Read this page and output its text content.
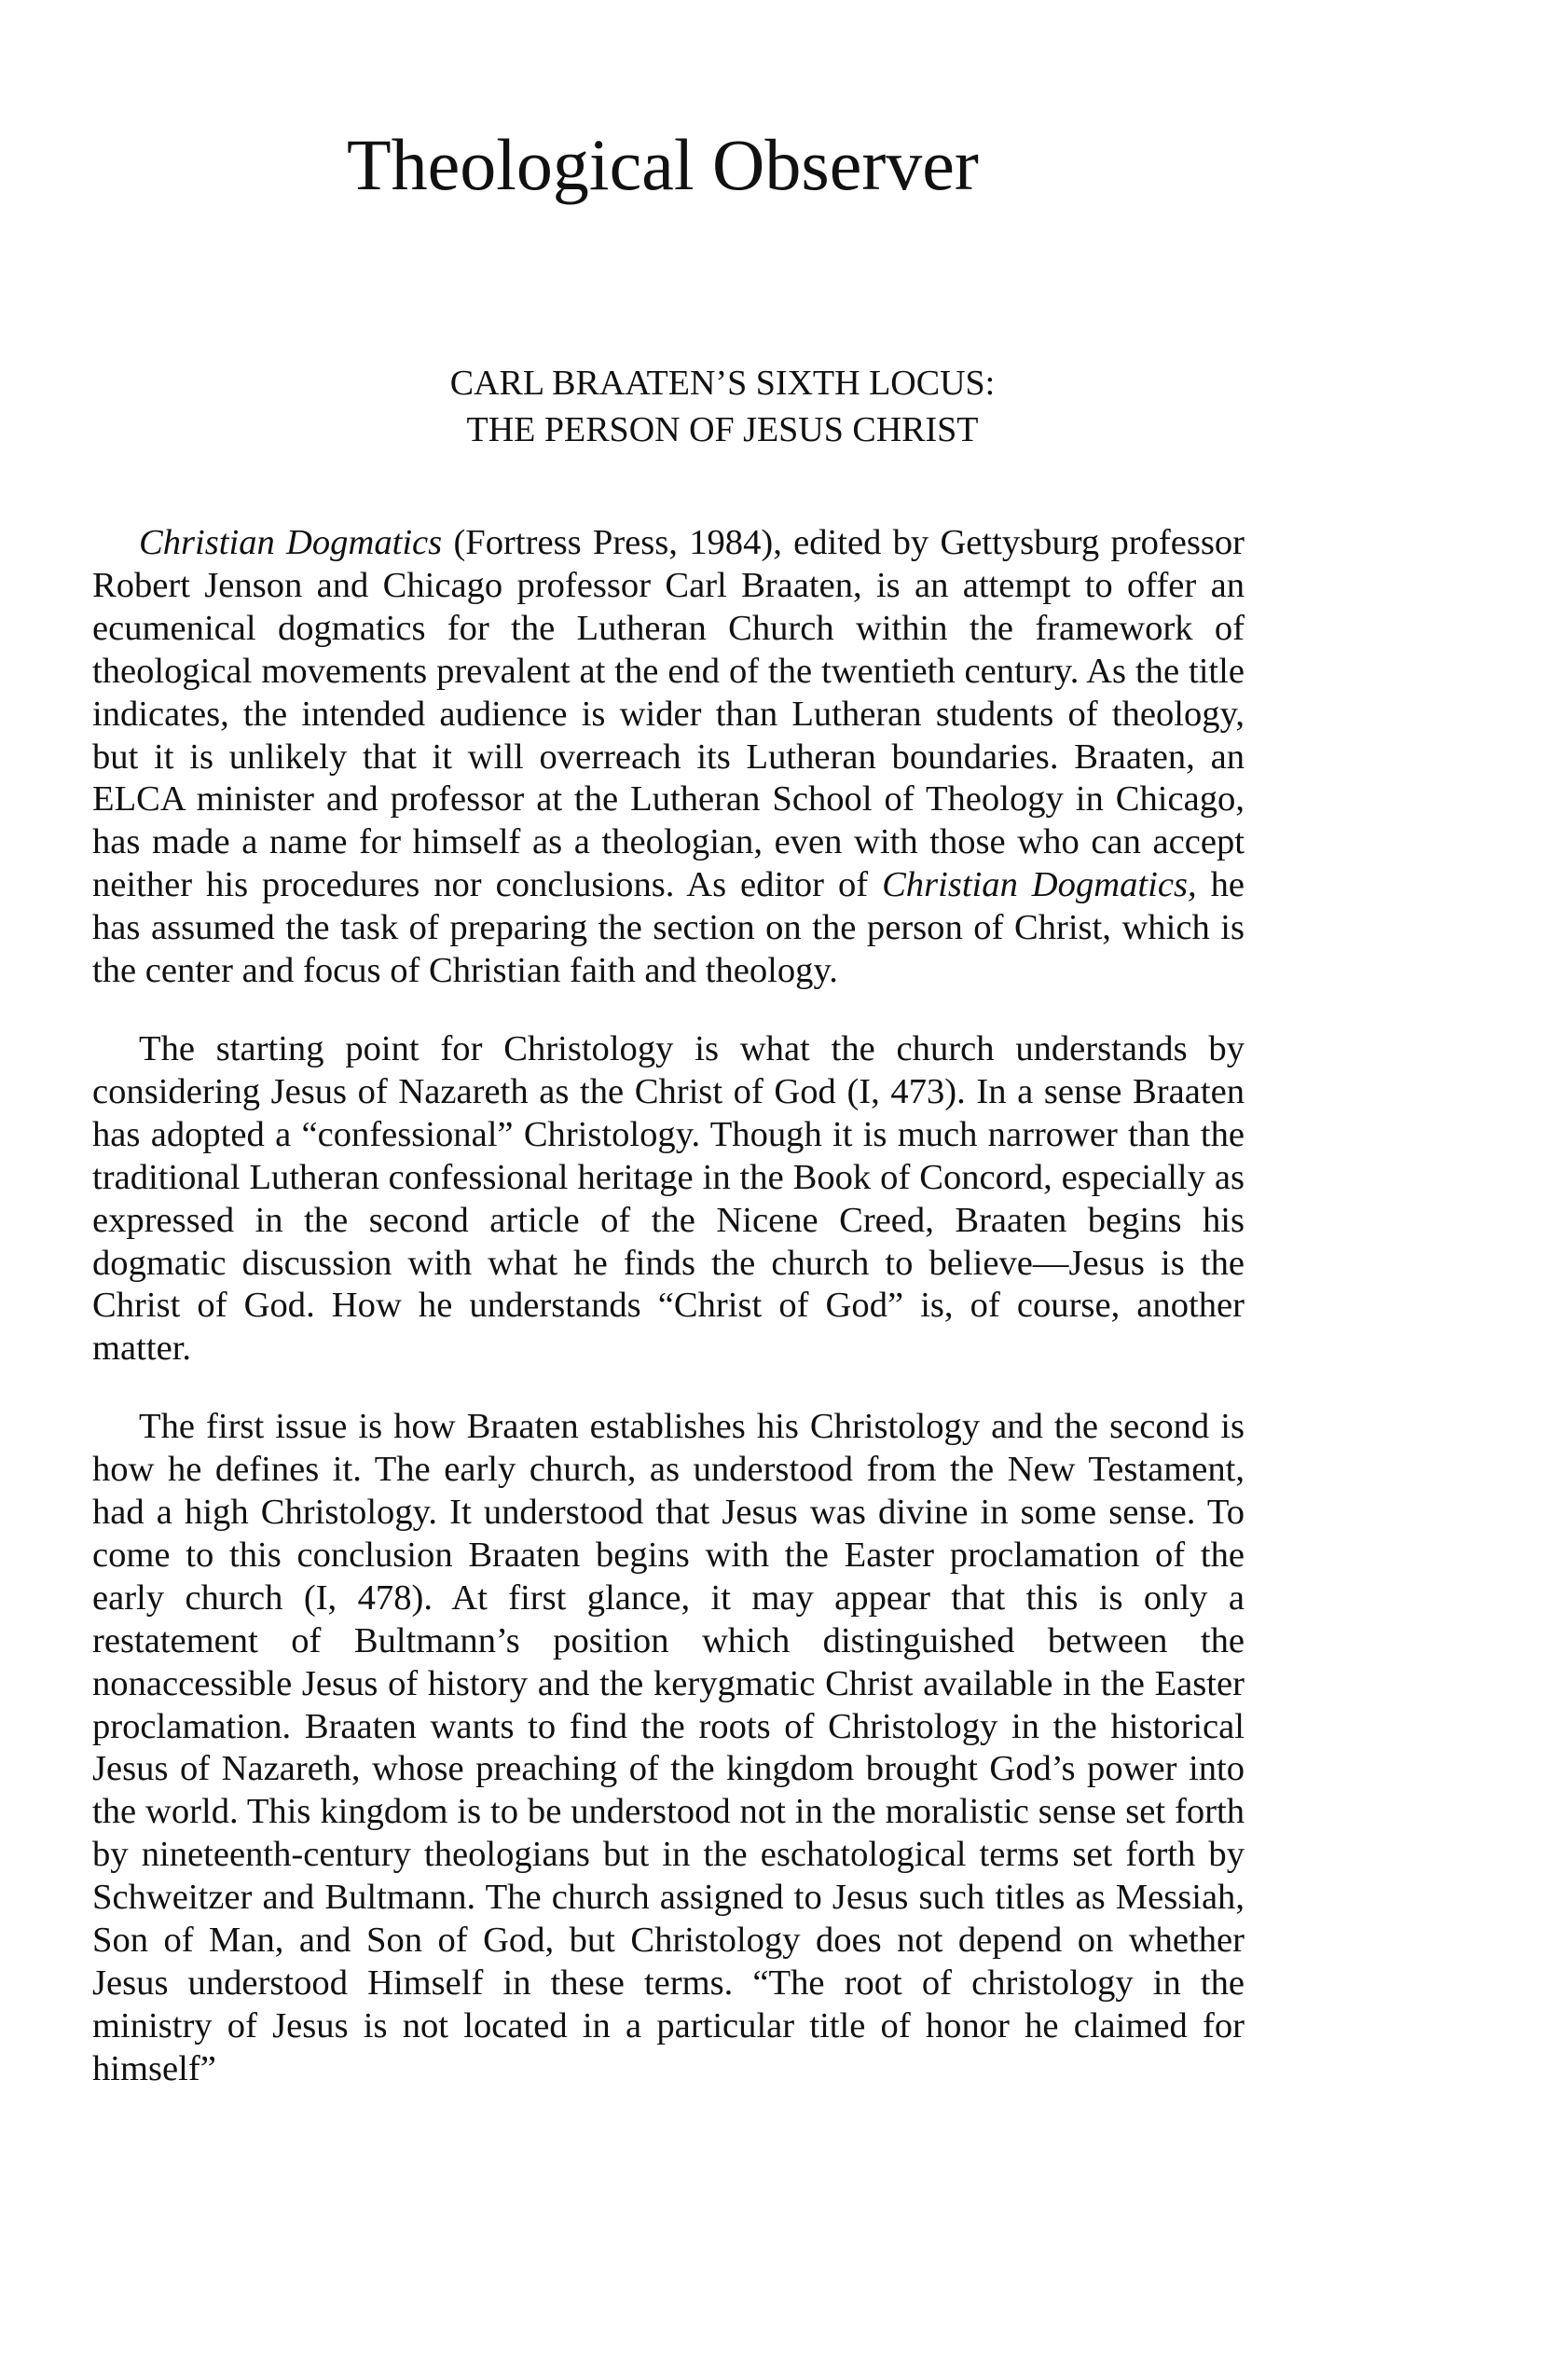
Theological Observer
CARL BRAATEN’S SIXTH LOCUS:
THE PERSON OF JESUS CHRIST

Christian Dogmatics (Fortress Press, 1984), edited by Gettysburg professor Robert Jenson and Chicago professor Carl Braaten, is an attempt to offer an ecumenical dogmatics for the Lutheran Church within the framework of theological movements prevalent at the end of the twentieth century. As the title indicates, the intended audience is wider than Lutheran students of theology, but it is unlikely that it will overreach its Lutheran boundaries. Braaten, an ELCA minister and professor at the Lutheran School of Theology in Chicago, has made a name for himself as a theologian, even with those who can accept neither his procedures nor conclusions. As editor of Christian Dogmatics, he has assumed the task of preparing the section on the person of Christ, which is the center and focus of Christian faith and theology.

The starting point for Christology is what the church understands by considering Jesus of Nazareth as the Christ of God (I, 473). In a sense Braaten has adopted a “confessional” Christology. Though it is much narrower than the traditional Lutheran confessional heritage in the Book of Concord, especially as expressed in the second article of the Nicene Creed, Braaten begins his dogmatic discussion with what he finds the church to believe—Jesus is the Christ of God. How he understands “Christ of God” is, of course, another matter.

The first issue is how Braaten establishes his Christology and the second is how he defines it. The early church, as understood from the New Testament, had a high Christology. It understood that Jesus was divine in some sense. To come to this conclusion Braaten begins with the Easter proclamation of the early church (I, 478). At first glance, it may appear that this is only a restatement of Bultmann’s position which distinguished between the nonaccessible Jesus of history and the kerygmatic Christ available in the Easter proclamation. Braaten wants to find the roots of Christology in the historical Jesus of Nazareth, whose preaching of the kingdom brought God’s power into the world. This kingdom is to be understood not in the moralistic sense set forth by nineteenth-century theologians but in the eschatological terms set forth by Schweitzer and Bultmann. The church assigned to Jesus such titles as Messiah, Son of Man, and Son of God, but Christology does not depend on whether Jesus understood Himself in these terms. “The root of christology in the ministry of Jesus is not located in a particular title of honor he claimed for himself”
